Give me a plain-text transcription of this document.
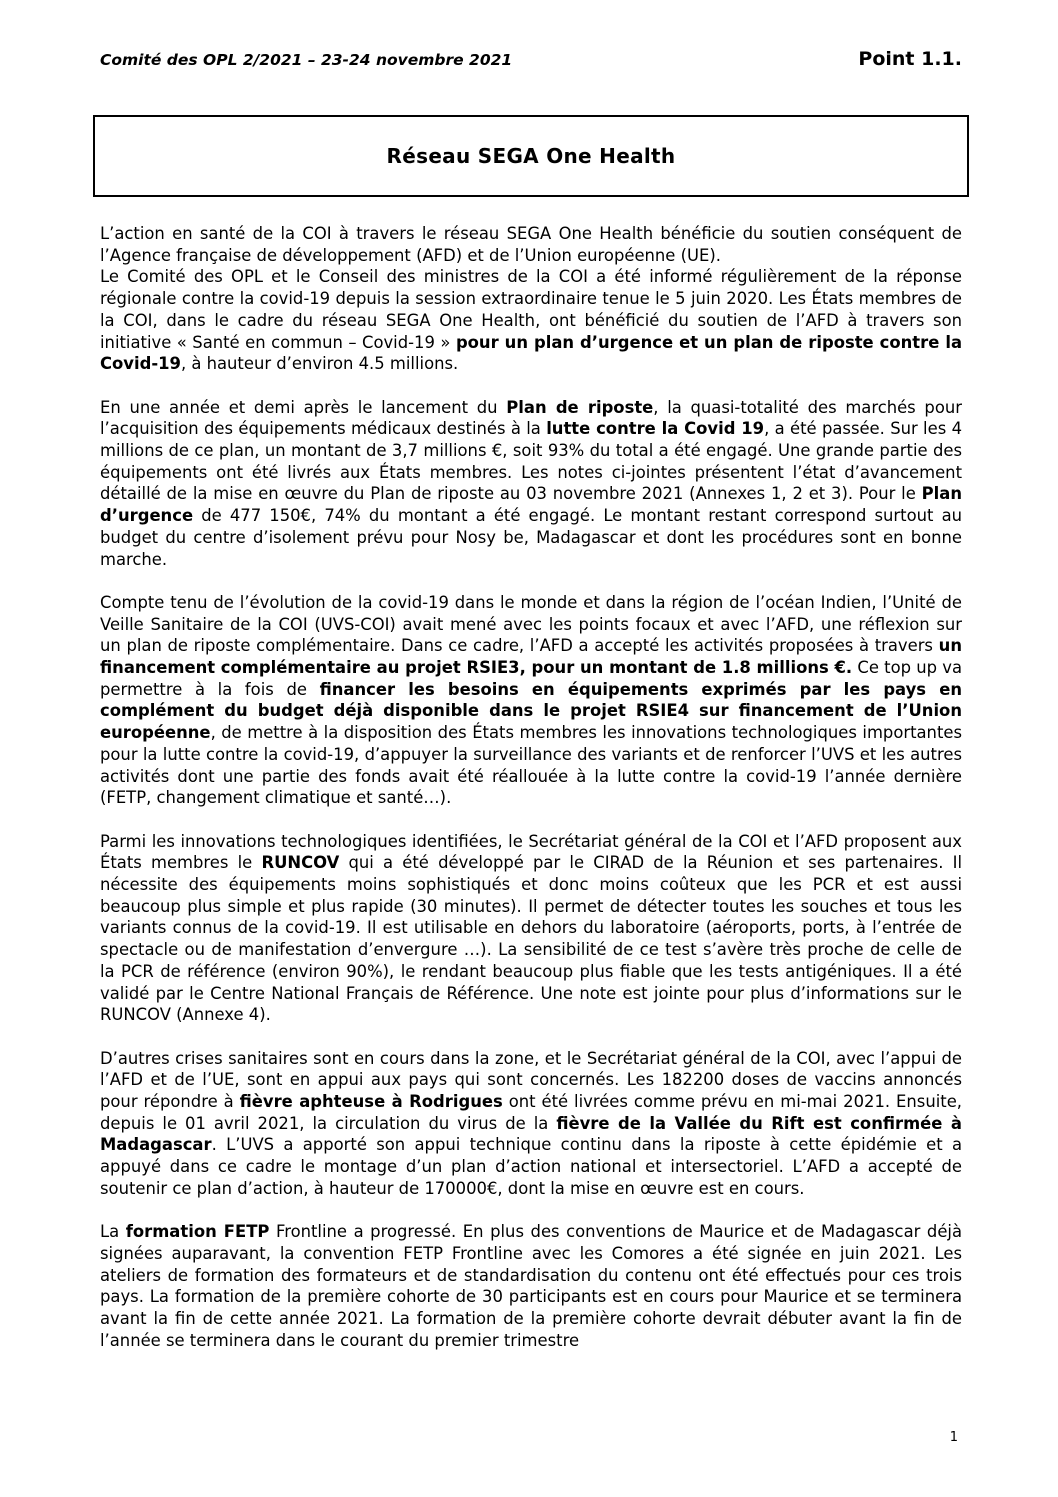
Comité des OPL 2/2021 – 23-24 novembre 2021	Point 1.1.
Réseau SEGA One Health

L’action en santé de la COI à travers le réseau SEGA One Health bénéficie du soutien conséquent de l’Agence française de développement (AFD) et de l’Union européenne (UE).

Le Comité des OPL et le Conseil des ministres de la COI a été informé régulièrement de la réponse régionale contre la covid-19 depuis la session extraordinaire tenue le 5 juin 2020. Les États membres de la COI, dans le cadre du réseau SEGA One Health, ont bénéficié du soutien de l’AFD à travers son initiative « Santé en commun – Covid-19 » pour un plan d’urgence et un plan de riposte contre la Covid-19, à hauteur d’environ 4.5 millions.

En une année et demi après le lancement du Plan de riposte, la quasi-totalité des marchés pour l’acquisition des équipements médicaux destinés à la lutte contre la Covid 19, a été passée. Sur les 4 millions de ce plan, un montant de 3,7 millions €, soit 93% du total a été engagé. Une grande partie des équipements ont été livrés aux États membres. Les notes ci-jointes présentent l’état d’avancement détaillé de la mise en œuvre du Plan de riposte au 03 novembre 2021 (Annexes 1, 2 et 3). Pour le Plan d’urgence de 477 150€, 74% du montant a été engagé. Le montant restant correspond surtout au budget du centre d’isolement prévu pour Nosy be, Madagascar et dont les procédures sont en bonne marche.

Compte tenu de l’évolution de la covid-19 dans le monde et dans la région de l’océan Indien, l’Unité de Veille Sanitaire de la COI (UVS-COI) avait mené avec les points focaux et avec l’AFD, une réflexion sur un plan de riposte complémentaire. Dans ce cadre, l’AFD a accepté les activités proposées à travers un financement complémentaire au projet RSIE3, pour un montant de 1.8 millions €. Ce top up va permettre à la fois de financer les besoins en équipements exprimés par les pays en complément du budget déjà disponible dans le projet RSIE4 sur financement de l’Union européenne, de mettre à la disposition des États membres les innovations technologiques importantes pour la lutte contre la covid-19, d’appuyer la surveillance des variants et de renforcer l’UVS et les autres activités dont une partie des fonds avait été réallouée à la lutte contre la covid-19 l’année dernière (FETP, changement climatique et santé…).

Parmi les innovations technologiques identifiées, le Secrétariat général de la COI et l’AFD proposent aux États membres le RUNCOV qui a été développé par le CIRAD de la Réunion et ses partenaires. Il nécessite des équipements moins sophistiqués et donc moins coûteux que les PCR et est aussi beaucoup plus simple et plus rapide (30 minutes). Il permet de détecter toutes les souches et tous les variants connus de la covid-19. Il est utilisable en dehors du laboratoire (aéroports, ports, à l’entrée de spectacle ou de manifestation d’envergure …). La sensibilité de ce test s’avère très proche de celle de la PCR de référence (environ 90%), le rendant beaucoup plus fiable que les tests antigéniques. Il a été validé par le Centre National Français de Référence. Une note est jointe pour plus d’informations sur le RUNCOV (Annexe 4).

D’autres crises sanitaires sont en cours dans la zone, et le Secrétariat général de la COI, avec l’appui de l’AFD et de l’UE, sont en appui aux pays qui sont concernés. Les 182200 doses de vaccins annoncés pour répondre à fièvre aphteuse à Rodrigues ont été livrées comme prévu en mi-mai 2021. Ensuite, depuis le 01 avril 2021, la circulation du virus de la fièvre de la Vallée du Rift est confirmée à Madagascar. L’UVS a apporté son appui technique continu dans la riposte à cette épidémie et a appuyé dans ce cadre le montage d’un plan d’action national et intersectoriel. L’AFD a accepté de soutenir ce plan d’action, à hauteur de 170000€, dont la mise en œuvre est en cours.

La formation FETP Frontline a progressé. En plus des conventions de Maurice et de Madagascar déjà signées auparavant, la convention FETP Frontline avec les Comores a été signée en juin 2021. Les ateliers de formation des formateurs et de standardisation du contenu ont été effectués pour ces trois pays. La formation de la première cohorte de 30 participants est en cours pour Maurice et se terminera avant la fin de cette année 2021. La formation de la première cohorte devrait débuter avant la fin de l’année se terminera dans le courant du premier trimestre

1
